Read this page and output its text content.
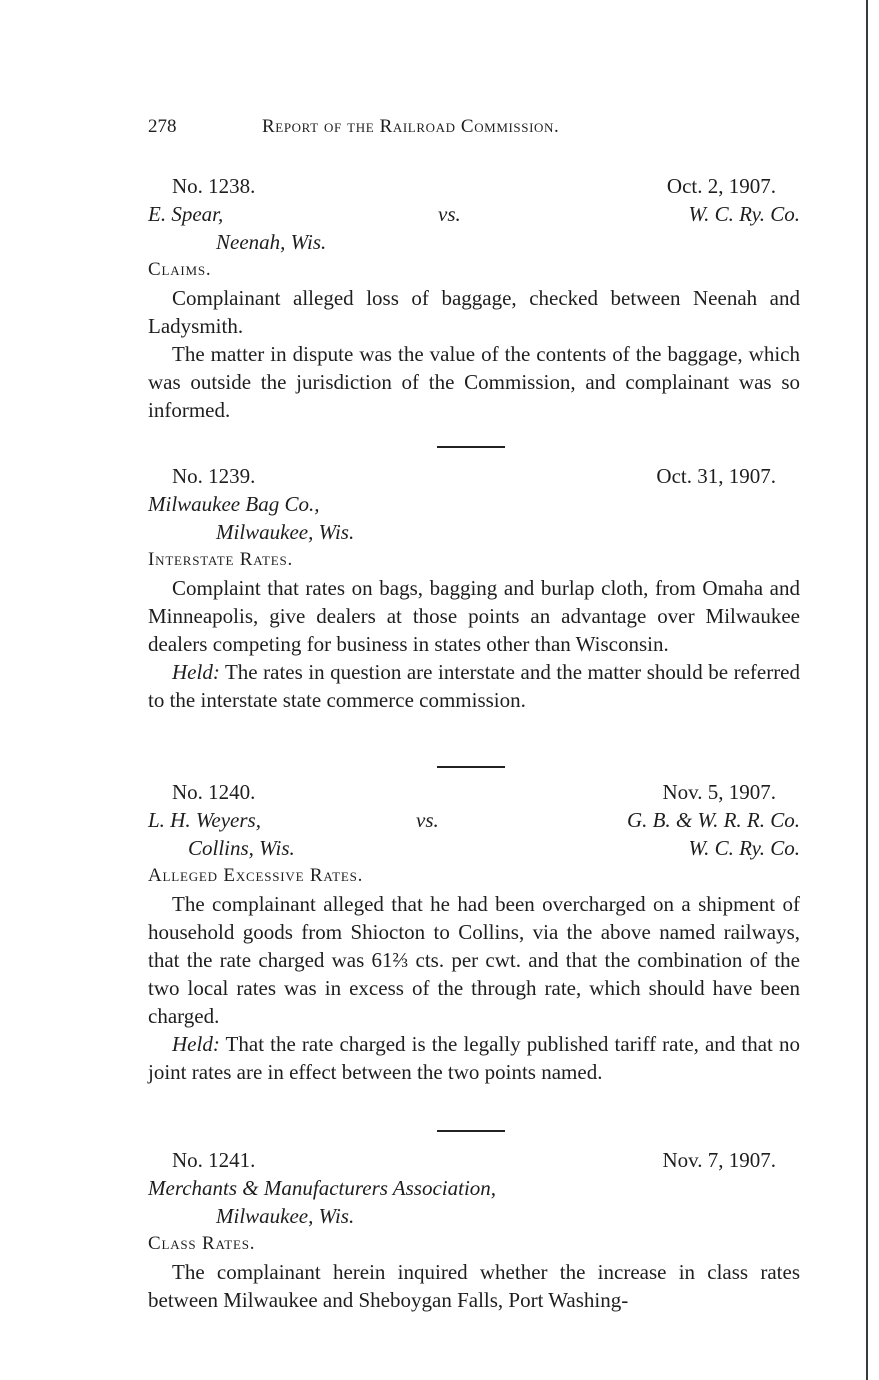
278	Report of the Railroad Commission.
No. 1238.	Oct. 2, 1907.
E. Spear,	vs.	W. C. Ry. Co.
Neenah, Wis.
Claims.

Complainant alleged loss of baggage, checked between Neenah and Ladysmith.

The matter in dispute was the value of the contents of the baggage, which was outside the jurisdiction of the Commission, and complainant was so informed.

No. 1239.	Oct. 31, 1907.
Milwaukee Bag Co.,
Milwaukee, Wis.
Interstate Rates.

Complaint that rates on bags, bagging and burlap cloth, from Omaha and Minneapolis, give dealers at those points an advantage over Milwaukee dealers competing for business in states other than Wisconsin.

Held: The rates in question are interstate and the matter should be referred to the interstate state commerce commission.

No. 1240.	Nov. 5, 1907.
L. H. Weyers,	vs.	G. B. & W. R. R. Co.
Collins, Wis.	W. C. Ry. Co.
Alleged Excessive Rates.

The complainant alleged that he had been overcharged on a shipment of household goods from Shiocton to Collins, via the above named railways, that the rate charged was 61⅔ cts. per cwt. and that the combination of the two local rates was in excess of the through rate, which should have been charged.

Held: That the rate charged is the legally published tariff rate, and that no joint rates are in effect between the two points named.

No. 1241.	Nov. 7, 1907.
Merchants & Manufacturers Association,
Milwaukee, Wis.
Class Rates.

The complainant herein inquired whether the increase in class rates between Milwaukee and Sheboygan Falls, Port Washing-
